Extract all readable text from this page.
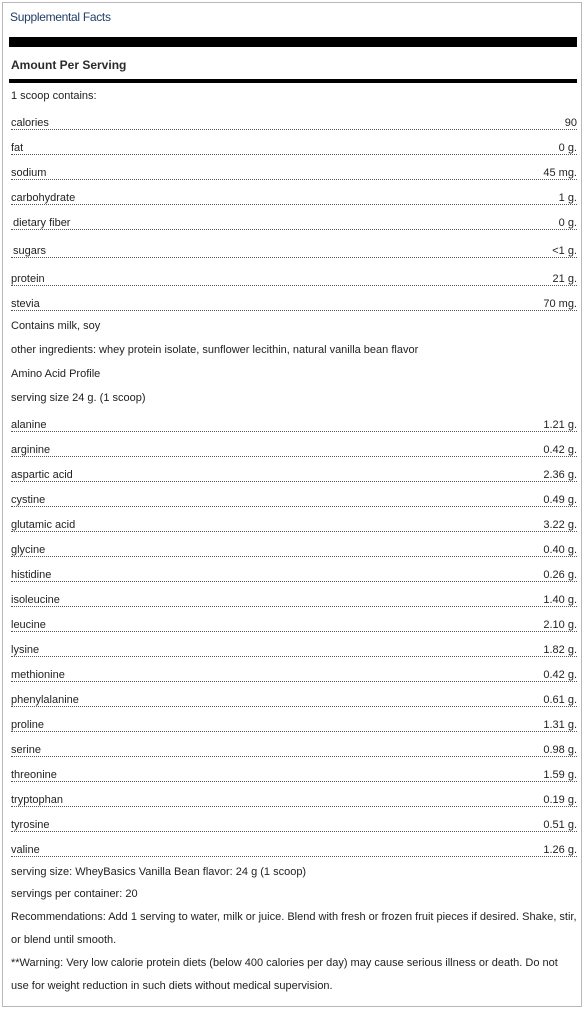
Supplemental Facts
Amount Per Serving
1 scoop contains:
calories	90
fat	0 g.
sodium	45 mg.
carbohydrate	1 g.
dietary fiber	0 g.
sugars	<1 g.
protein	21 g.
stevia	70 mg.
Contains milk, soy
other ingredients: whey protein isolate, sunflower lecithin, natural vanilla bean flavor
Amino Acid Profile
serving size 24 g. (1 scoop)
alanine	1.21 g.
arginine	0.42 g.
aspartic acid	2.36 g.
cystine	0.49 g.
glutamic acid	3.22 g.
glycine	0.40 g.
histidine	0.26 g.
isoleucine	1.40 g.
leucine	2.10 g.
lysine	1.82 g.
methionine	0.42 g.
phenylalanine	0.61 g.
proline	1.31 g.
serine	0.98 g.
threonine	1.59 g.
tryptophan	0.19 g.
tyrosine	0.51 g.
valine	1.26 g.
serving size: WheyBasics Vanilla Bean flavor: 24 g (1 scoop)
servings per container: 20
Recommendations: Add 1 serving to water, milk or juice. Blend with fresh or frozen fruit pieces if desired. Shake, stir, or blend until smooth.
**Warning: Very low calorie protein diets (below 400 calories per day) may cause serious illness or death. Do not use for weight reduction in such diets without medical supervision.
